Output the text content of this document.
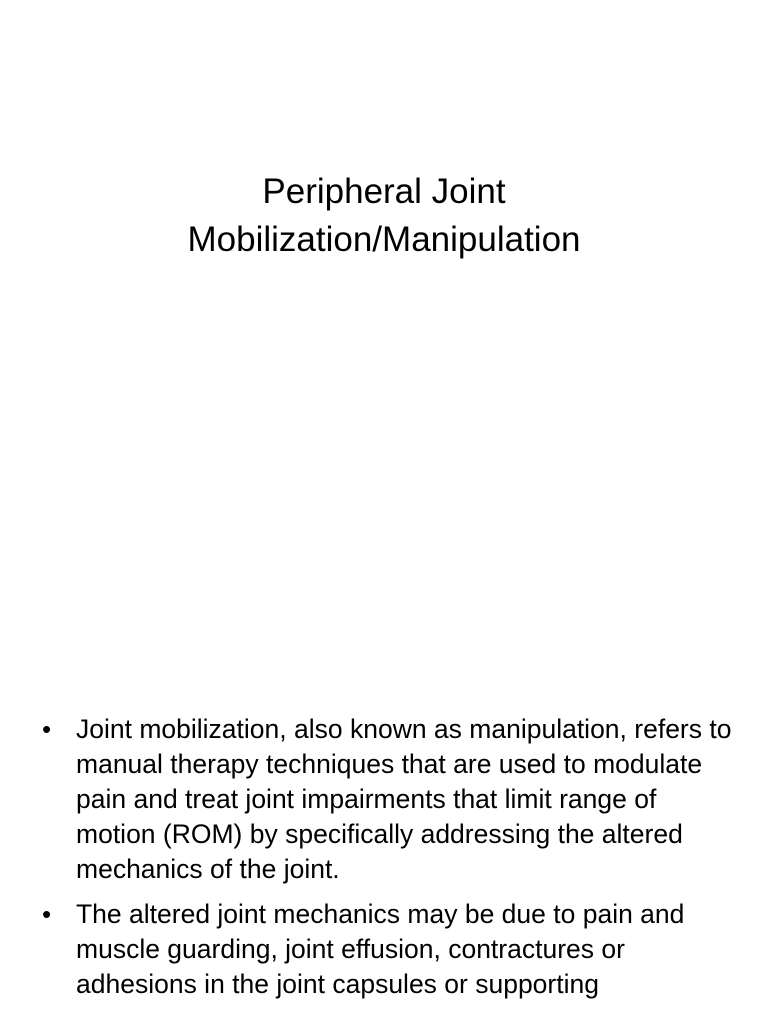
Peripheral Joint
Mobilization/Manipulation
• Joint mobilization, also known as manipulation, refers to manual therapy techniques that are used to modulate pain and treat joint impairments that limit range of motion (ROM) by specifically addressing the altered mechanics of the joint.
• The altered joint mechanics may be due to pain and muscle guarding, joint effusion, contractures or adhesions in the joint capsules or supporting
